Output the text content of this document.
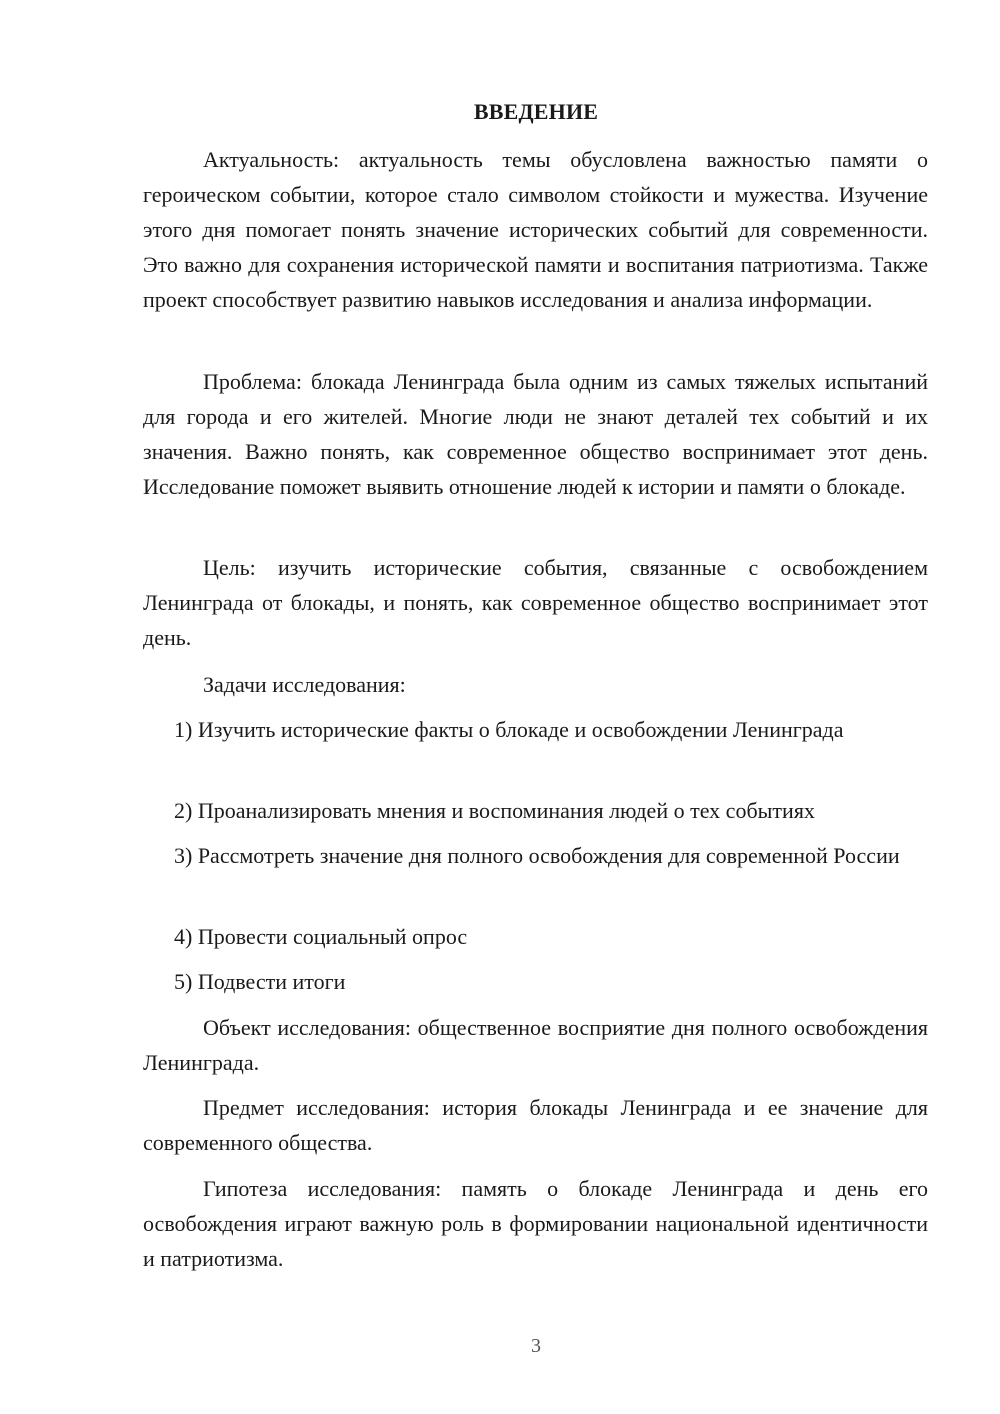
ВВЕДЕНИЕ

Актуальность: актуальность темы обусловлена важностью памяти о героическом событии, которое стало символом стойкости и мужества. Изучение этого дня помогает понять значение исторических событий для современности. Это важно для сохранения исторической памяти и воспитания патриотизма. Также проект способствует развитию навыков исследования и анализа информации.

Проблема: блокада Ленинграда была одним из самых тяжелых испытаний для города и его жителей. Многие люди не знают деталей тех событий и их значения. Важно понять, как современное общество воспринимает этот день. Исследование поможет выявить отношение людей к истории и памяти о блокаде.

Цель: изучить исторические события, связанные с освобождением Ленинграда от блокады, и понять, как современное общество воспринимает этот день.

Задачи исследования:

1) Изучить исторические факты о блокаде и освобождении Ленинграда

2) Проанализировать мнения и воспоминания людей о тех событиях

3) Рассмотреть значение дня полного освобождения для современной России

4) Провести социальный опрос

5) Подвести итоги

Объект исследования: общественное восприятие дня полного освобождения Ленинграда.

Предмет исследования: история блокады Ленинграда и ее значение для современного общества.

Гипотеза исследования: память о блокаде Ленинграда и день его освобождения играют важную роль в формировании национальной идентичности и патриотизма.

3
